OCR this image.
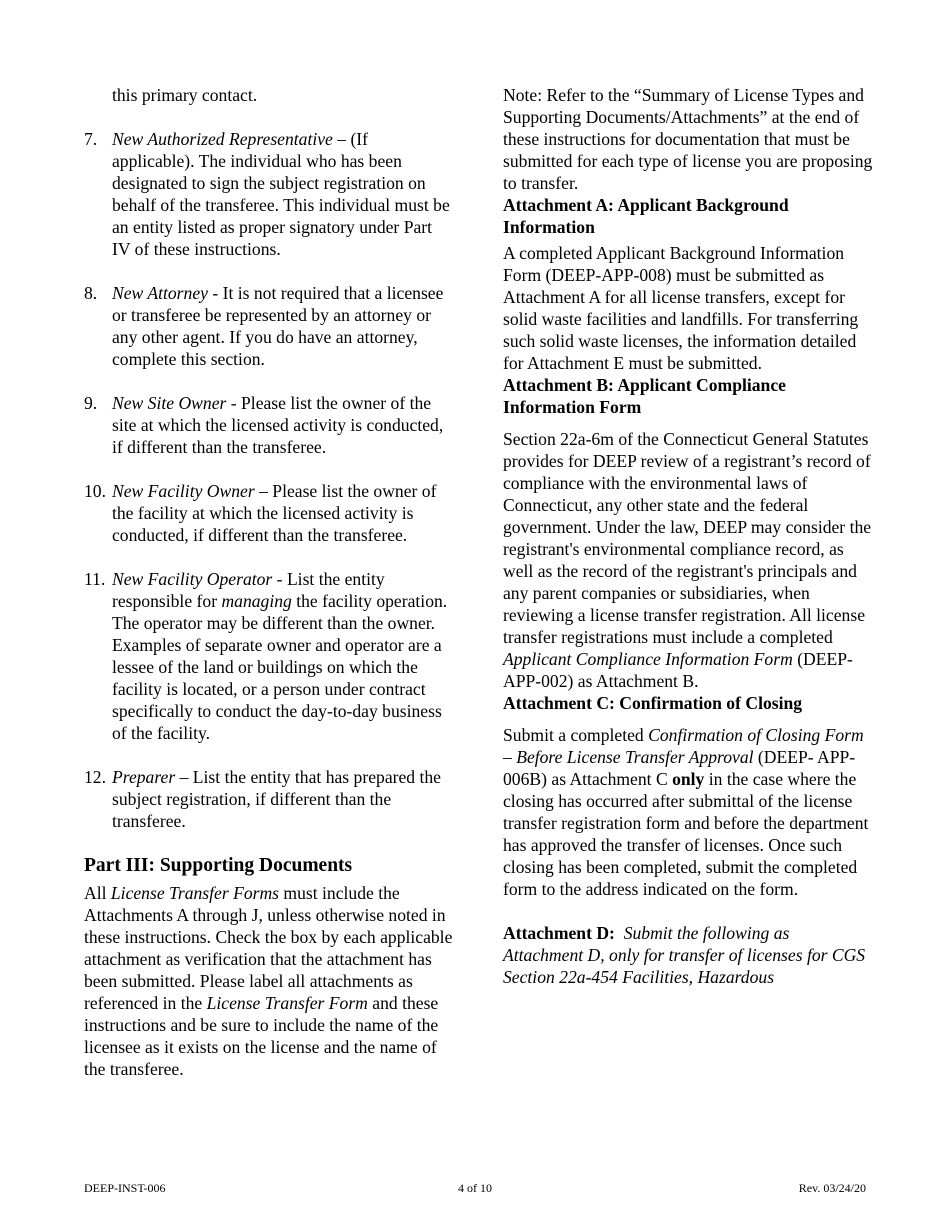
this primary contact.

7. New Authorized Representative – (If applicable). The individual who has been designated to sign the subject registration on behalf of the transferee. This individual must be an entity listed as proper signatory under Part IV of these instructions.
8. New Attorney - It is not required that a licensee or transferee be represented by an attorney or any other agent. If you do have an attorney, complete this section.
9. New Site Owner - Please list the owner of the site at which the licensed activity is conducted, if different than the transferee.
10. New Facility Owner – Please list the owner of the facility at which the licensed activity is conducted, if different than the transferee.
11. New Facility Operator - List the entity responsible for managing the facility operation. The operator may be different than the owner. Examples of separate owner and operator are a lessee of the land or buildings on which the facility is located, or a person under contract specifically to conduct the day-to-day business of the facility.
12. Preparer – List the entity that has prepared the subject registration, if different than the transferee.
Part III: Supporting Documents

All License Transfer Forms must include the Attachments A through J, unless otherwise noted in these instructions. Check the box by each applicable attachment as verification that the attachment has been submitted. Please label all attachments as referenced in the License Transfer Form and these instructions and be sure to include the name of the licensee as it exists on the license and the name of the transferee.

Note: Refer to the “Summary of License Types and Supporting Documents/Attachments” at the end of these instructions for documentation that must be submitted for each type of license you are proposing to transfer.

Attachment A: Applicant Background Information

A completed Applicant Background Information Form (DEEP-APP-008) must be submitted as Attachment A for all license transfers, except for solid waste facilities and landfills. For transferring such solid waste licenses, the information detailed for Attachment E must be submitted.

Attachment B: Applicant Compliance Information Form

Section 22a-6m of the Connecticut General Statutes provides for DEEP review of a registrant’s record of compliance with the environmental laws of Connecticut, any other state and the federal government. Under the law, DEEP may consider the registrant's environmental compliance record, as well as the record of the registrant's principals and any parent companies or subsidiaries, when reviewing a license transfer registration. All license transfer registrations must include a completed Applicant Compliance Information Form (DEEP-APP-002) as Attachment B.

Attachment C: Confirmation of Closing

Submit a completed Confirmation of Closing Form – Before License Transfer Approval (DEEP- APP-006B) as Attachment C only in the case where the closing has occurred after submittal of the license transfer registration form and before the department has approved the transfer of licenses. Once such closing has been completed, submit the completed form to the address indicated on the form.

Attachment D: Submit the following as Attachment D, only for transfer of licenses for CGS Section 22a-454 Facilities, Hazardous

DEEP-INST-006	4 of 10	Rev. 03/24/20
